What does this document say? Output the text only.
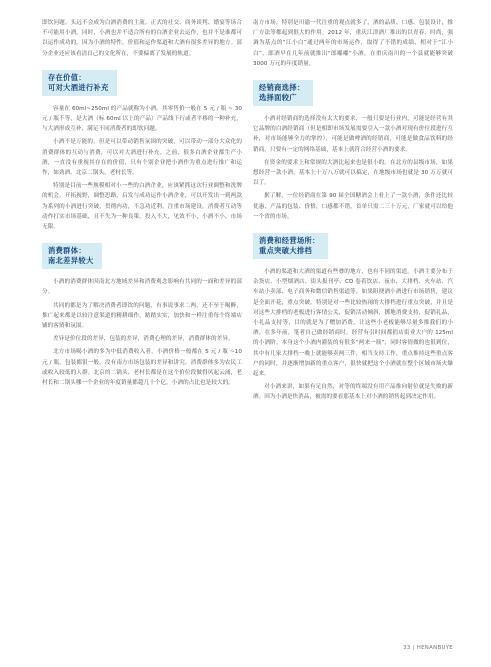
即饮问题。头远不会成为白酒消费的主流。正式的社交、商务谈判、婚宴等场合不可能用小酒。同时，小酒也并不适合所有的白酒企业去运作，也并不是谁都可以运作成功的。因为小酒的特性，价值和运作渠道和大酒有很多差异的地方。部分企业还应该看清自己的文化所在，不要偏离了发展的轨道。

存在价值：
可对大酒进行补充

容量在 60ml~250ml 的产品就称为小酒。其零售价一般在 5 元 / 瓶 ~ 30 元 / 瓶不等，是大酒（标 60ml 以上的产品）产品线下行或者平移的一种补充，与大酒形成互补，满足不同消费者的即饮问题。

小酒不是万能的，但是可以带动销售氛围的突破，可以带动一部分大众化的消费群体的互动与消费，可以对大酒进行补充。之前，很多白酒企业都生产小酒，一直没有重视其存在的价值，只有个别企业把小酒作为重点进行推广和运作，如劲酒、北京二锅头、老村长等。

特别是目前一些规模相对小一些的白酒企业，应该紧抓这次行业调整和洗牌的机会，开拓视野，调整思路，启发与成功运作小酒企业，可以开发出一到两款为系列的小酒进行突破，贯彻内功，不急功近利。注重市场建设，消费者互动等动作打实市场基础，且不失为一种良策，投入不大，见效不小，小酒不小，市场无限。

消费群体：
南北差异较大

小酒的消费群体因南北方地域差异和消费观念影响有共同的一面和差异的部分。

共同的都是为了解决消费者即饮的问题，有事说事求二两，还不至于喝醉，推广起来都是以较注意渠道的精耕细作，踏踏实实，加快和一样注重每个终端店铺的客情和氛围。

差异是价位段的差异，包装的差异，消费心理的差异，消费群体的差异。

北方市场喝小酒的多为中低消费收入者，小酒价格一般都在 5 元 / 瓶 ~10 元 / 瓶，包装都很一般，没有南方市场包装的差异和讲究。消费群体多为农民工或收入较低的人群。北京的二锅头、老村长都是在这个价位段做得风起云涌，老村长和二锅头哪一个企业的年度销量都超几十个亿，小酒的占比也是较大的。

南方市场，特别是川渝一代注重的观点就多了，酒的品质、口感、包装设计，推广方法等都起到很大的作用。2012 年，重庆江津酒厂推出的以青春、时尚，强调为基点的“江小白”通过两年的市场运作，取得了不错的成绩，相对于“江小白”，郎酒早在几年前就推出“郎嘟嘟”小酒，在重庆南川的一个县就能够突破 3000 万元的年度销量。

经销商选择：
选择面较广

小酒对经销商的选择没有太大的要求，一般只要是行业内，可能是经营有其它品牌的白酒经销商（但是相即市场发展需要引入一款小酒对现有价位段进行互补，对市场能够全力的掌控），可能是做啤酒的经销商，可能是做食品饮料的经销商，只要有一定的网络基础，基本上就符合经营小酒的要求。

在资金的要求上和常规的大酒比起来也是很小的。在北方的县级市场，如果想经营一款小酒，基本上十万八万就可以搞定，在地级市场也就是 30 万万就可以了。

据了解，一位经销商在第 90 届全国糖酒会上看上了一款小酒，条件还比较优惠，产品的包装、价格，口感都不错，首单只需二三十万元，厂家就可以给他一个省的市场。

消费和经营场所：
重点突破大排档

小酒的渠道和大酒的渠道有些叠的地方，也有不同的渠道。小酒主要分布于杂货店、小型烟酒店、街头报刊亭、CD 卷着饮店、夜市、大排档、火车站、汽车站小卖部、电子商务和微信销售渠道等，如果阻挠酒小酒进行市场销售，建议是全面开花，重点突破。特别是对一些比较热闹的大排档进行重点突破，并且是对这些大排档的老板进行客情公关，促销活动倾斜，掷地消费支持，促销礼品，小礼品支持等，目的就是为了赠加消费，让这些小老板能够尽量多推我们的小酒。在多年前，笔者自己做经销商时，经营有引时间都捐店街业大户的 125ml 的小酒阶。本身这个小酒内灌装的有很多“两来一瓶”，同时客情做的也很到位，其中有几家大排档一晚上就能够卖两三件，相当支持工作，重点推持这些重点客户的同时，并逐渐增加新的重点客户，很快就把这个小酒就在整个区域市场火爆起来。

对小酒来讲，如果有足自然，对等的终端没有用产品推向射位就是失败的新酒。因为小酒是快消品，被需的要看那基本上对小酒的销售起到决定作用。

33 | HENANBUYE
